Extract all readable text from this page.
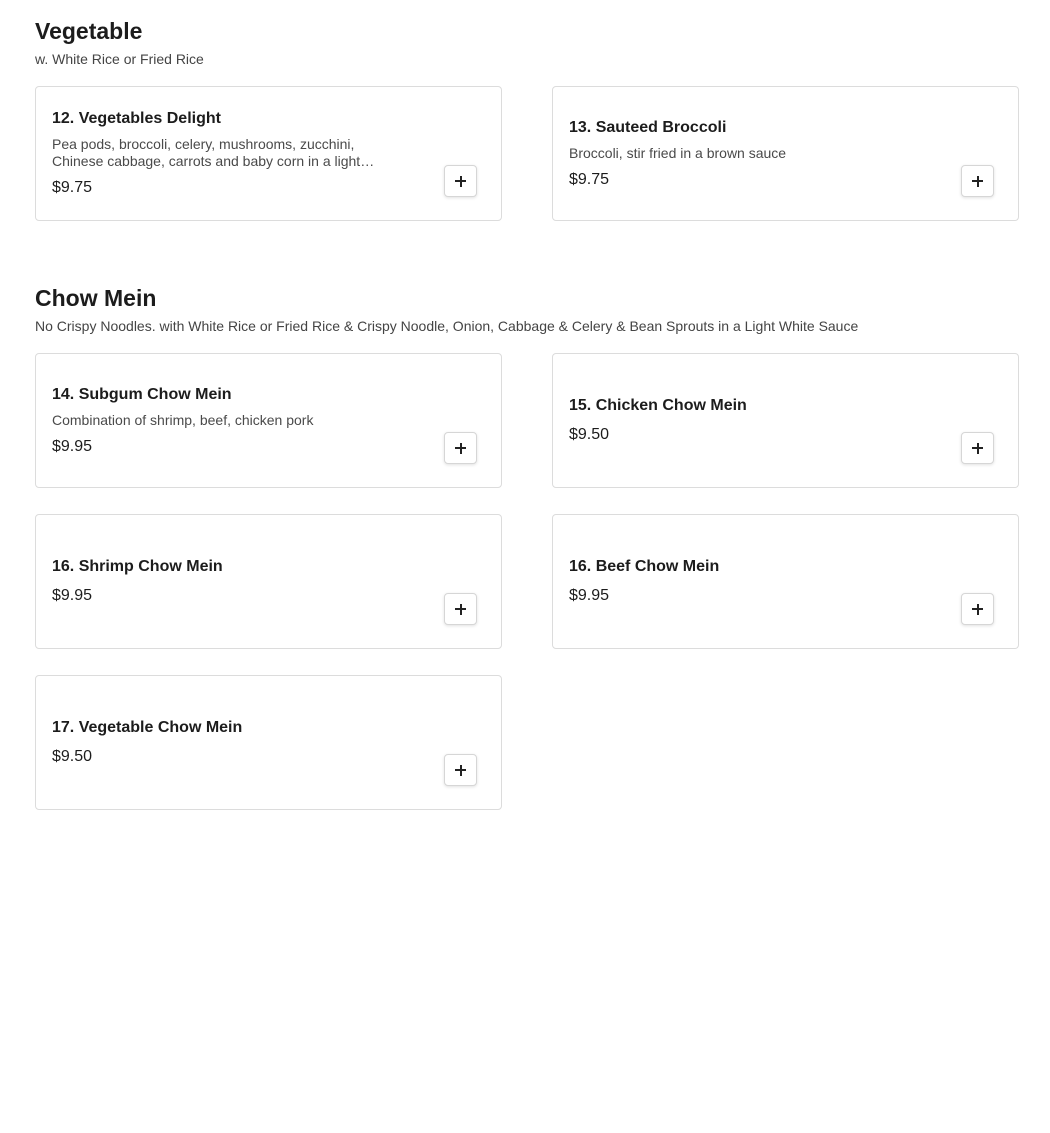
Vegetable

w. White Rice or Fried Rice

12. Vegetables Delight
Pea pods, broccoli, celery, mushrooms, zucchini, Chinese cabbage, carrots and baby corn in a light
$9.75
13. Sauteed Broccoli
Broccoli, stir fried in a brown sauce
$9.75
Chow Mein

No Crispy Noodles. with White Rice or Fried Rice & Crispy Noodle, Onion, Cabbage & Celery & Bean Sprouts in a Light White Sauce

14. Subgum Chow Mein
Combination of shrimp, beef, chicken pork
$9.95
15. Chicken Chow Mein
$9.50
16. Shrimp Chow Mein
$9.95
16. Beef Chow Mein
$9.95
17. Vegetable Chow Mein
$9.50
